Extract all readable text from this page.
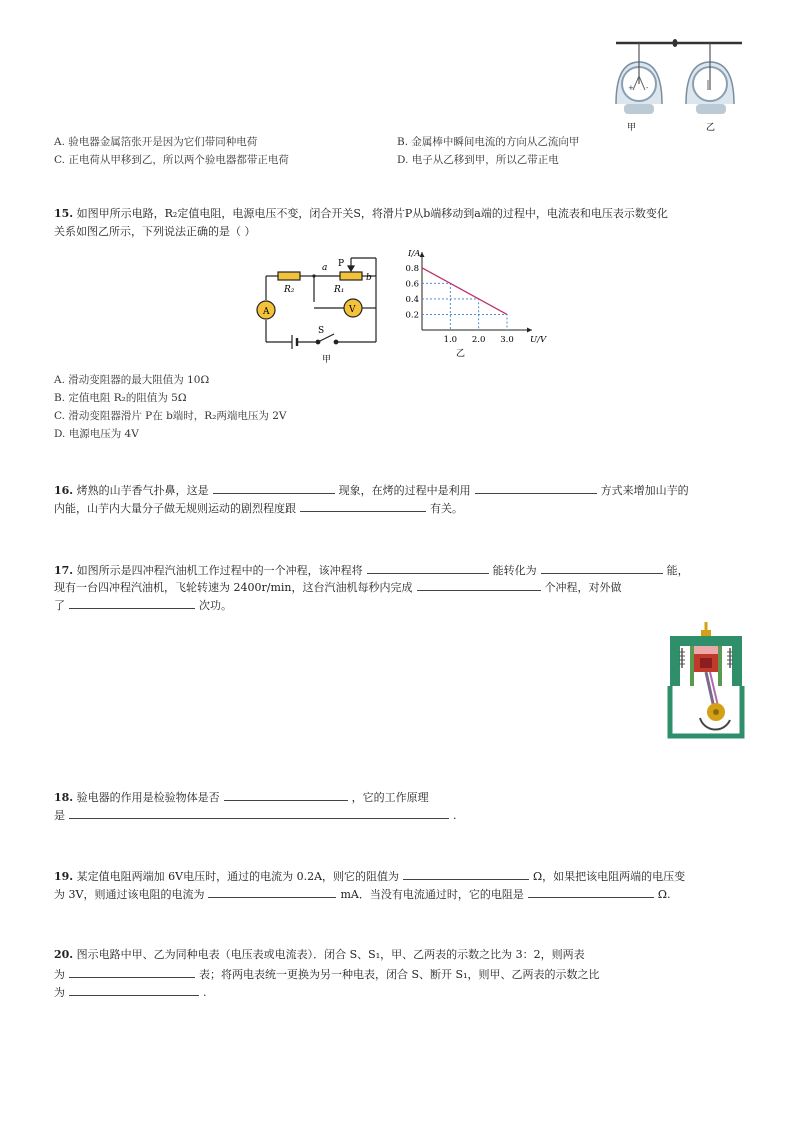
+ -
甲	乙
A. 验电器金属箔张开是因为它们带同种电荷	B. 金属棒中瞬间电流的方向从乙流向甲
C. 正电荷从甲移到乙，所以两个验电器都带正电荷	D. 电子从乙移到甲，所以乙带正电
15. 如图甲所示电路，R₂定值电阻，电源电压不变，闭合开关S，将滑片P从b端移动到a端的过程中，电流表和电压表示数变化
关系如图乙所示，下列说法正确的是（ ）
A	V
R₂	R₁
a
b
P
S
甲
1.0 2.0 3.0
0.2
0.4
0.6
0.8
I/A
U/V
乙
A. 滑动变阻器的最大阻值为 10Ω
B. 定值电阻 R₂的阻值为 5Ω
C. 滑动变阻器滑片 P在 b端时，R₂两端电压为 2V
D. 电源电压为 4V
16. 烤熟的山芋香气扑鼻，这是	现象，在烤的过程中是利用	方式来增加山芋的
内能，山芋内大量分子做无规则运动的剧烈程度跟	有关。
17. 如图所示是四冲程汽油机工作过程中的一个冲程，该冲程将	能转化为	能，
现有一台四冲程汽油机，飞轮转速为 2400r/min，这台汽油机每秒内完成	个冲程，对外做
了	次功。
18. 验电器的作用是检验物体是否	，它的工作原理
是	.
19. 某定值电阻两端加 6V电压时，通过的电流为 0.2A，则它的阻值为	Ω，如果把该电阻两端的电压变
为 3V，则通过该电阻的电流为	mA．当没有电流通过时，它的电阻是	Ω.
20. 图示电路中甲、乙为同种电表（电压表或电流表）．闭合 S、S₁，甲、乙两表的示数之比为 3：2，则两表
为	表；将两电表统一更换为另一种电表，闭合 S、断开 S₁，则甲、乙两表的示数之比
为	.
